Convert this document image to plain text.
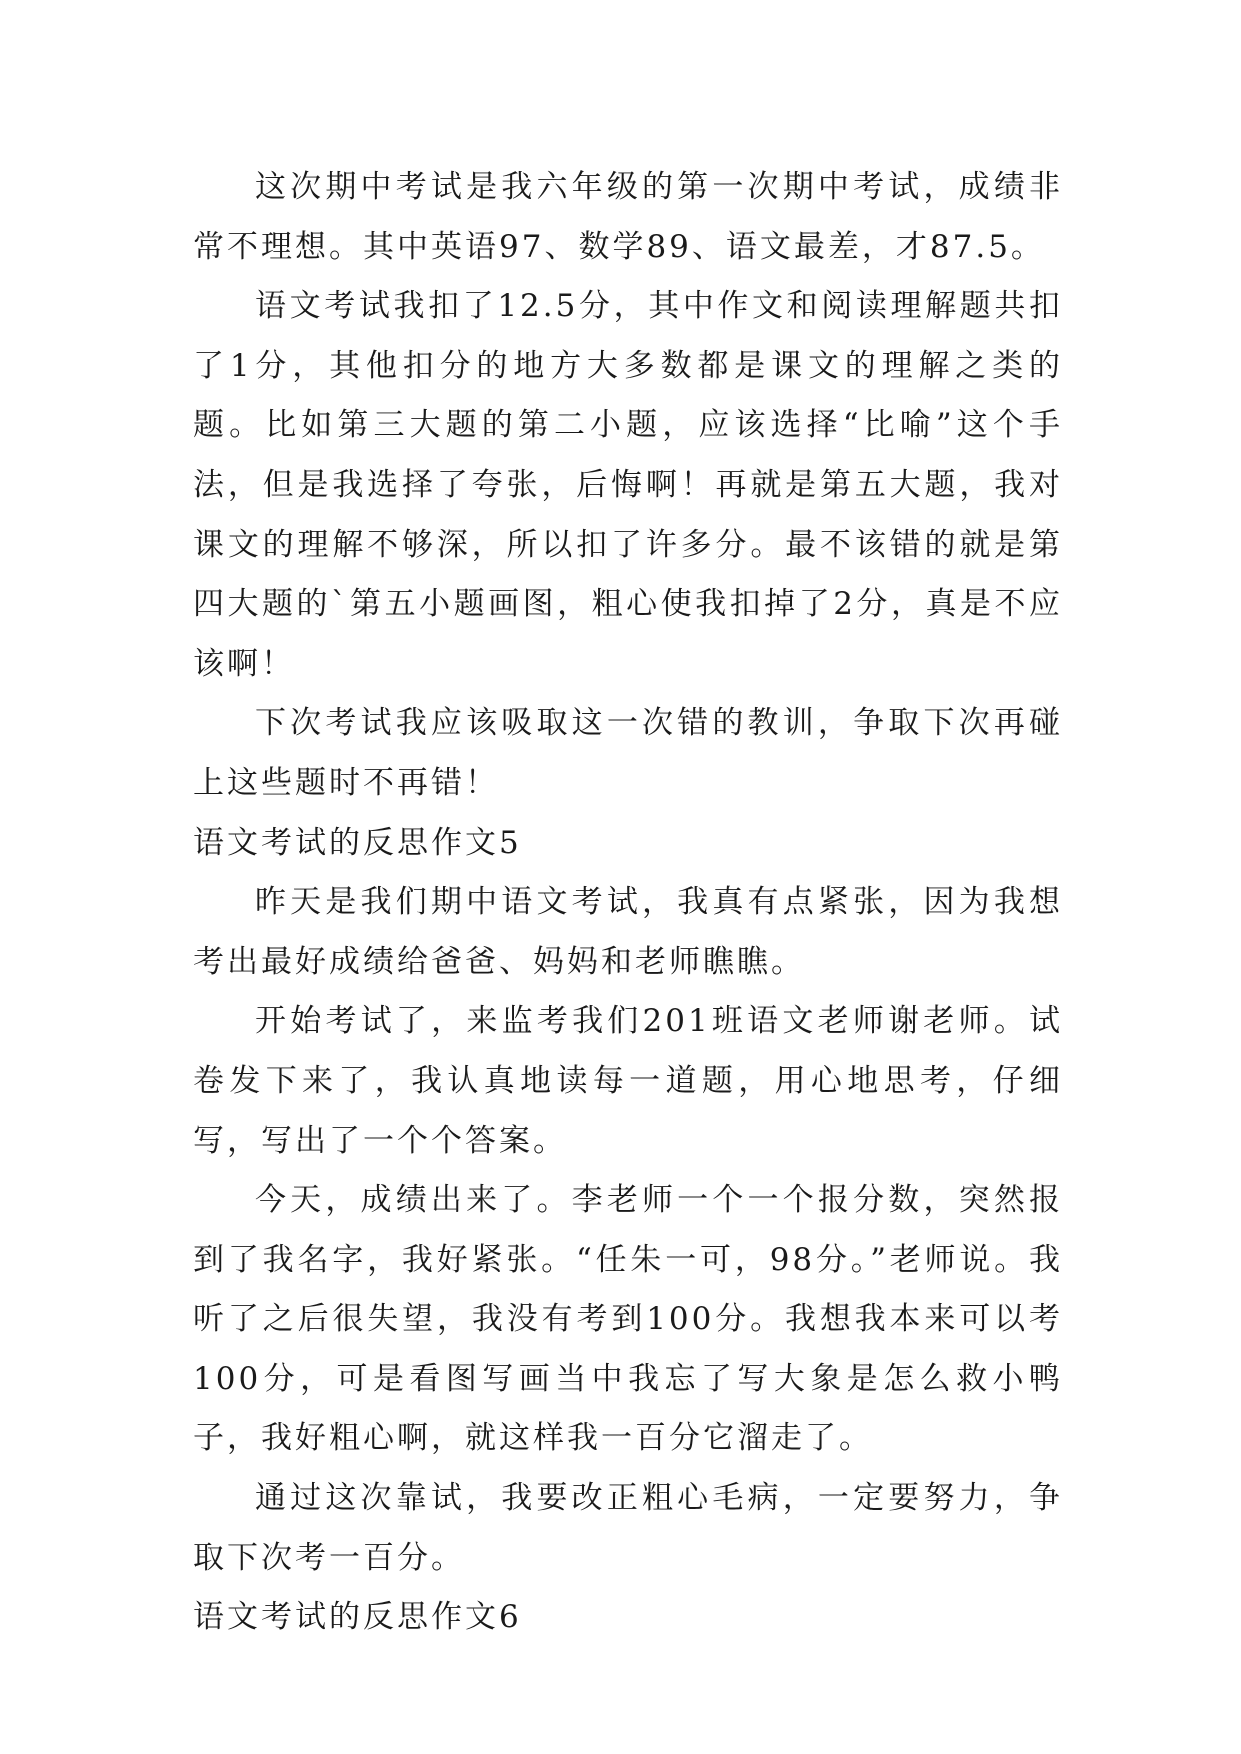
这次期中考试是我六年级的第一次期中考试，成绩非常不理想。其中英语97、数学89、语文最差，才87.5。

语文考试我扣了12.5分，其中作文和阅读理解题共扣了1分，其他扣分的地方大多数都是课文的理解之类的题。比如第三大题的第二小题，应该选择“比喻”这个手法，但是我选择了夸张，后悔啊！再就是第五大题，我对课文的理解不够深，所以扣了许多分。最不该错的就是第四大题的`第五小题画图，粗心使我扣掉了2分，真是不应该啊！

下次考试我应该吸取这一次错的教训，争取下次再碰上这些题时不再错！

语文考试的反思作文5

昨天是我们期中语文考试，我真有点紧张，因为我想考出最好成绩给爸爸、妈妈和老师瞧瞧。

开始考试了，来监考我们201班语文老师谢老师。试卷发下来了，我认真地读每一道题，用心地思考，仔细写，写出了一个个答案。

今天，成绩出来了。李老师一个一个报分数，突然报到了我名字，我好紧张。“任朱一可，98分。”老师说。我听了之后很失望，我没有考到100分。我想我本来可以考100分，可是看图写画当中我忘了写大象是怎么救小鸭子，我好粗心啊，就这样我一百分它溜走了。

通过这次靠试，我要改正粗心毛病，一定要努力，争取下次考一百分。

语文考试的反思作文6
